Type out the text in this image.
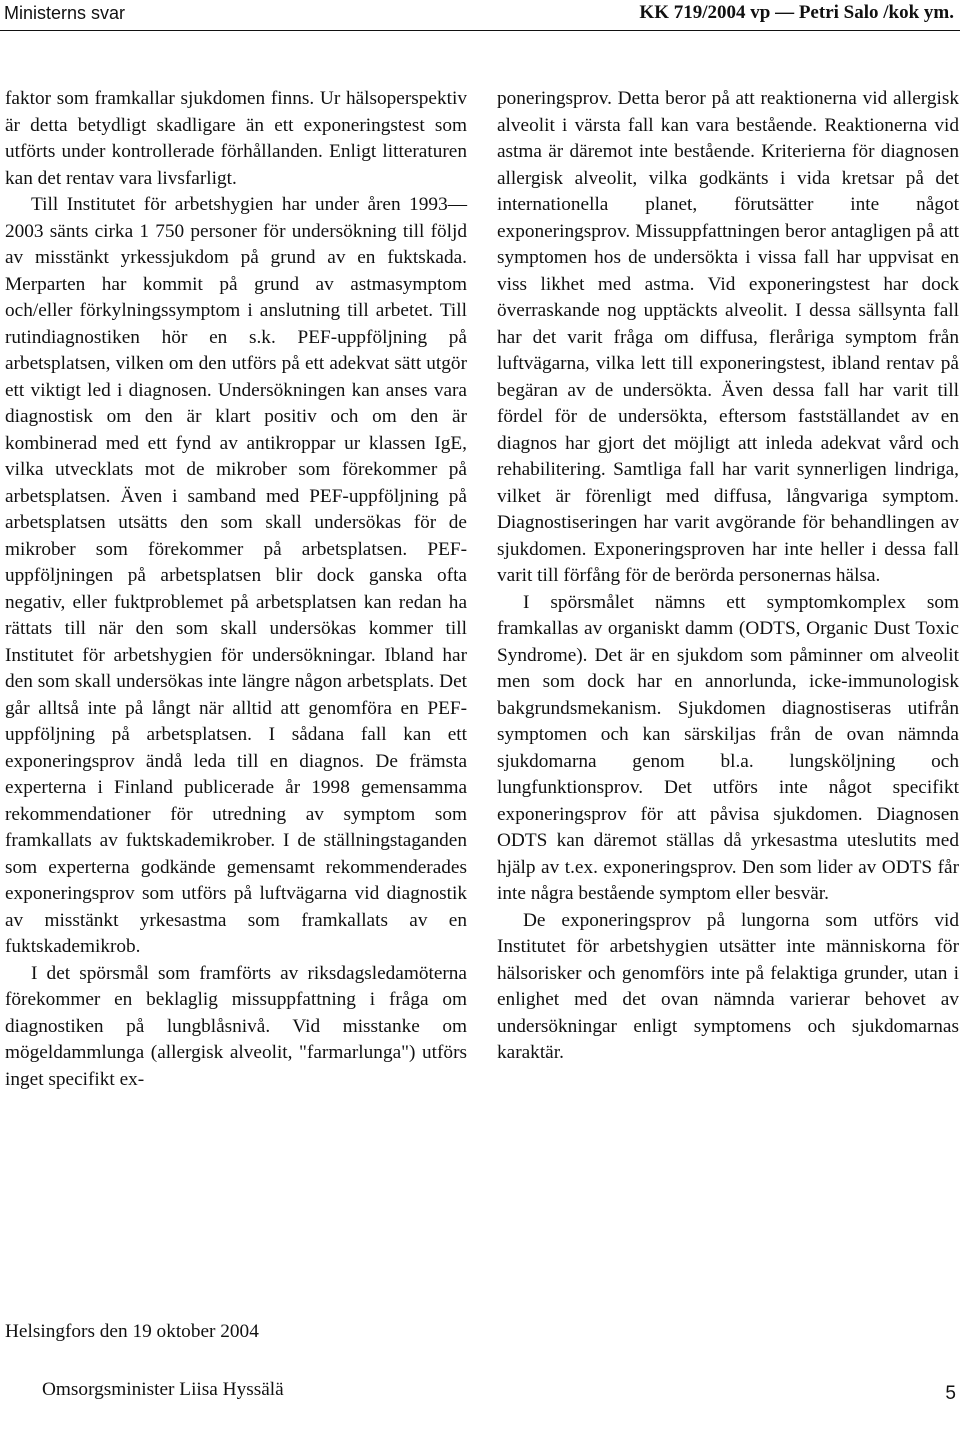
Ministerns svar	KK 719/2004 vp — Petri Salo /kok ym.

faktor som framkallar sjukdomen finns. Ur hälsoperspektiv är detta betydligt skadligare än ett exponeringstest som utförts under kontrollerade förhållanden. Enligt litteraturen kan det rentav vara livsfarligt.

Till Institutet för arbetshygien har under åren 1993—2003 sänts cirka 1 750 personer för undersökning till följd av misstänkt yrkessjukdom på grund av en fuktskada. Merparten har kommit på grund av astmasymptom och/eller förkylningssymptom i anslutning till arbetet. Till rutindiagnostiken hör en s.k. PEF-uppföljning på arbetsplatsen, vilken om den utförs på ett adekvat sätt utgör ett viktigt led i diagnosen. Undersökningen kan anses vara diagnostisk om den är klart positiv och om den är kombinerad med ett fynd av antikroppar ur klassen IgE, vilka utvecklats mot de mikrober som förekommer på arbetsplatsen. Även i samband med PEF-uppföljning på arbetsplatsen utsätts den som skall undersökas för de mikrober som förekommer på arbetsplatsen. PEF-uppföljningen på arbetsplatsen blir dock ganska ofta negativ, eller fuktproblemet på arbetsplatsen kan redan ha rättats till när den som skall undersökas kommer till Institutet för arbetshygien för undersökningar. Ibland har den som skall undersökas inte längre någon arbetsplats. Det går alltså inte på långt när alltid att genomföra en PEF-uppföljning på arbetsplatsen. I sådana fall kan ett exponeringsprov ändå leda till en diagnos. De främsta experterna i Finland publicerade år 1998 gemensamma rekommendationer för utredning av symptom som framkallats av fuktskademikrober. I de ställningstaganden som experterna godkände gemensamt rekommenderades exponeringsprov som utförs på luftvägarna vid diagnostik av misstänkt yrkesastma som framkallats av en fuktskademikrob.

I det spörsmål som framförts av riksdagsledamöterna förekommer en beklaglig missuppfattning i fråga om diagnostiken på lungblåsnivå. Vid misstanke om mögeldammlunga (allergisk alveolit, "farmarlunga") utförs inget specifikt ex-

poneringsprov. Detta beror på att reaktionerna vid allergisk alveolit i värsta fall kan vara bestående. Reaktionerna vid astma är däremot inte bestående. Kriterierna för diagnosen allergisk alveolit, vilka godkänts i vida kretsar på det internationella planet, förutsätter inte något exponeringsprov. Missuppfattningen beror antagligen på att symptomen hos de undersökta i vissa fall har uppvisat en viss likhet med astma. Vid exponeringstest har dock överraskande nog upptäckts alveolit. I dessa sällsynta fall har det varit fråga om diffusa, fleråriga symptom från luftvägarna, vilka lett till exponeringstest, ibland rentav på begäran av de undersökta. Även dessa fall har varit till fördel för de undersökta, eftersom fastställandet av en diagnos har gjort det möjligt att inleda adekvat vård och rehabilitering. Samtliga fall har varit synnerligen lindriga, vilket är förenligt med diffusa, långvariga symptom. Diagnostiseringen har varit avgörande för behandlingen av sjukdomen. Exponeringsproven har inte heller i dessa fall varit till förfång för de berörda personernas hälsa.

I spörsmålet nämns ett symptomkomplex som framkallas av organiskt damm (ODTS, Organic Dust Toxic Syndrome). Det är en sjukdom som påminner om alveolit men som dock har en annorlunda, icke-immunologisk bakgrundsmekanism. Sjukdomen diagnostiseras utifrån symptomen och kan särskiljas från de ovan nämnda sjukdomarna genom bl.a. lungsköljning och lungfunktionsprov. Det utförs inte något specifikt exponeringsprov för att påvisa sjukdomen. Diagnosen ODTS kan däremot ställas då yrkesastma uteslutits med hjälp av t.ex. exponeringsprov. Den som lider av ODTS får inte några bestående symptom eller besvär.

De exponeringsprov på lungorna som utförs vid Institutet för arbetshygien utsätter inte människorna för hälsorisker och genomförs inte på felaktiga grunder, utan i enlighet med det ovan nämnda varierar behovet av undersökningar enligt symptomens och sjukdomarnas karaktär.

Helsingfors den 19 oktober 2004
Omsorgsminister Liisa Hyssälä	5
